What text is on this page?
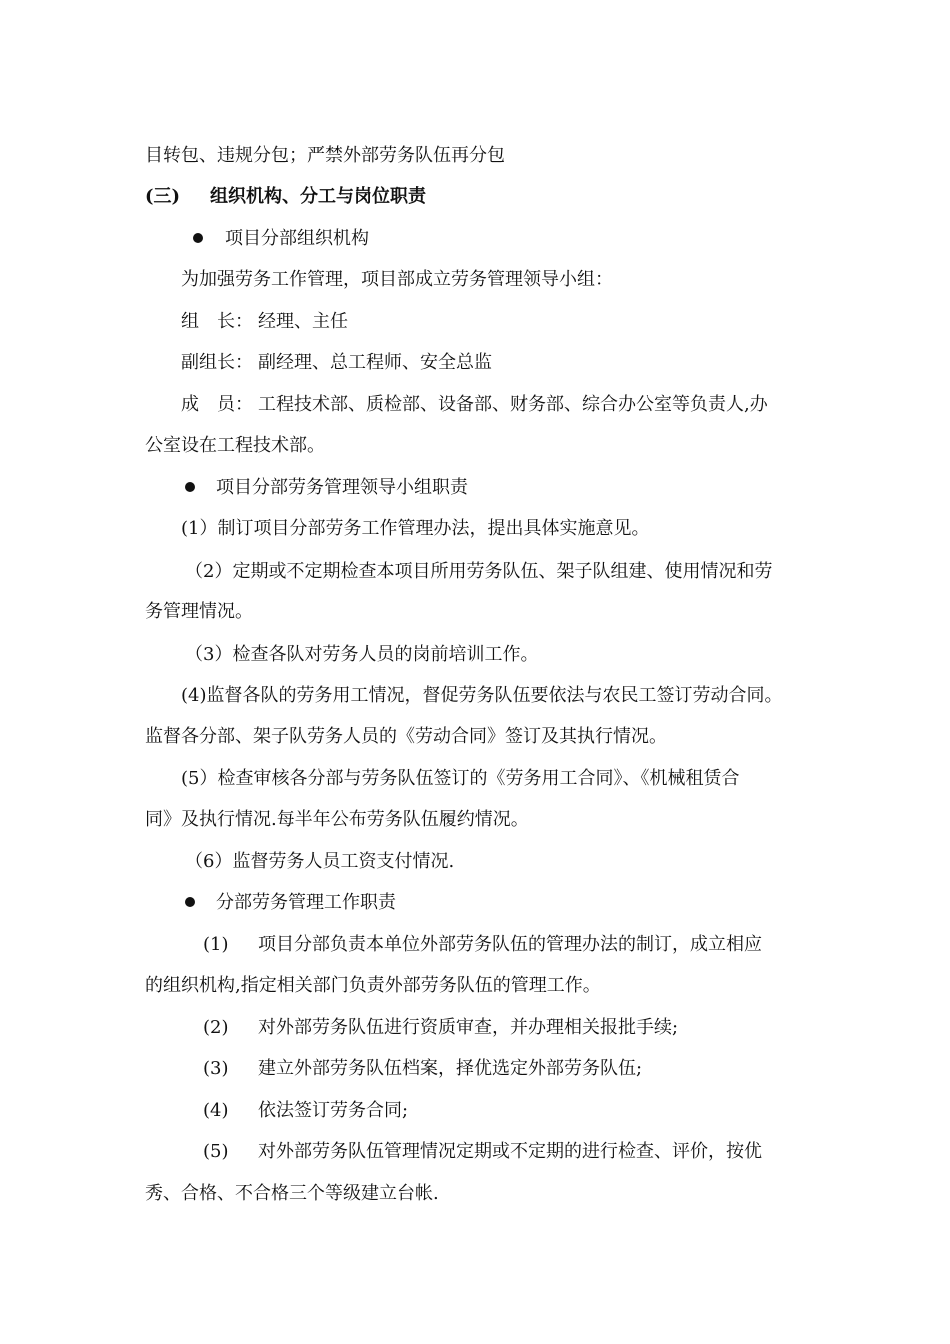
目转包、违规分包；严禁外部劳务队伍再分包
(三) 组织机构、分工与岗位职责
项目分部组织机构
为加强劳务工作管理，项目部成立劳务管理领导小组：
组　长： 经理、主任
副组长： 副经理、总工程师、安全总监
成　员： 工程技术部、质检部、设备部、财务部、综合办公室等负责人,办
公室设在工程技术部。
项目分部劳务管理领导小组职责
(1）制订项目分部劳务工作管理办法，提出具体实施意见。
（2）定期或不定期检查本项目所用劳务队伍、架子队组建、使用情况和劳
务管理情况。
（3）检查各队对劳务人员的岗前培训工作。
(4)监督各队的劳务用工情况，督促劳务队伍要依法与农民工签订劳动合同。
监督各分部、架子队劳务人员的《劳动合同》签订及其执行情况。
(5）检查审核各分部与劳务队伍签订的《劳务用工合同》、《机械租赁合
同》及执行情况.每半年公布劳务队伍履约情况。
（6）监督劳务人员工资支付情况.
分部劳务管理工作职责
(1) 项目分部负责本单位外部劳务队伍的管理办法的制订，成立相应
的组织机构,指定相关部门负责外部劳务队伍的管理工作。
(2) 对外部劳务队伍进行资质审查，并办理相关报批手续;
(3) 建立外部劳务队伍档案，择优选定外部劳务队伍;
(4) 依法签订劳务合同;
(5) 对外部劳务队伍管理情况定期或不定期的进行检查、评价，按优
秀、合格、不合格三个等级建立台帐.
